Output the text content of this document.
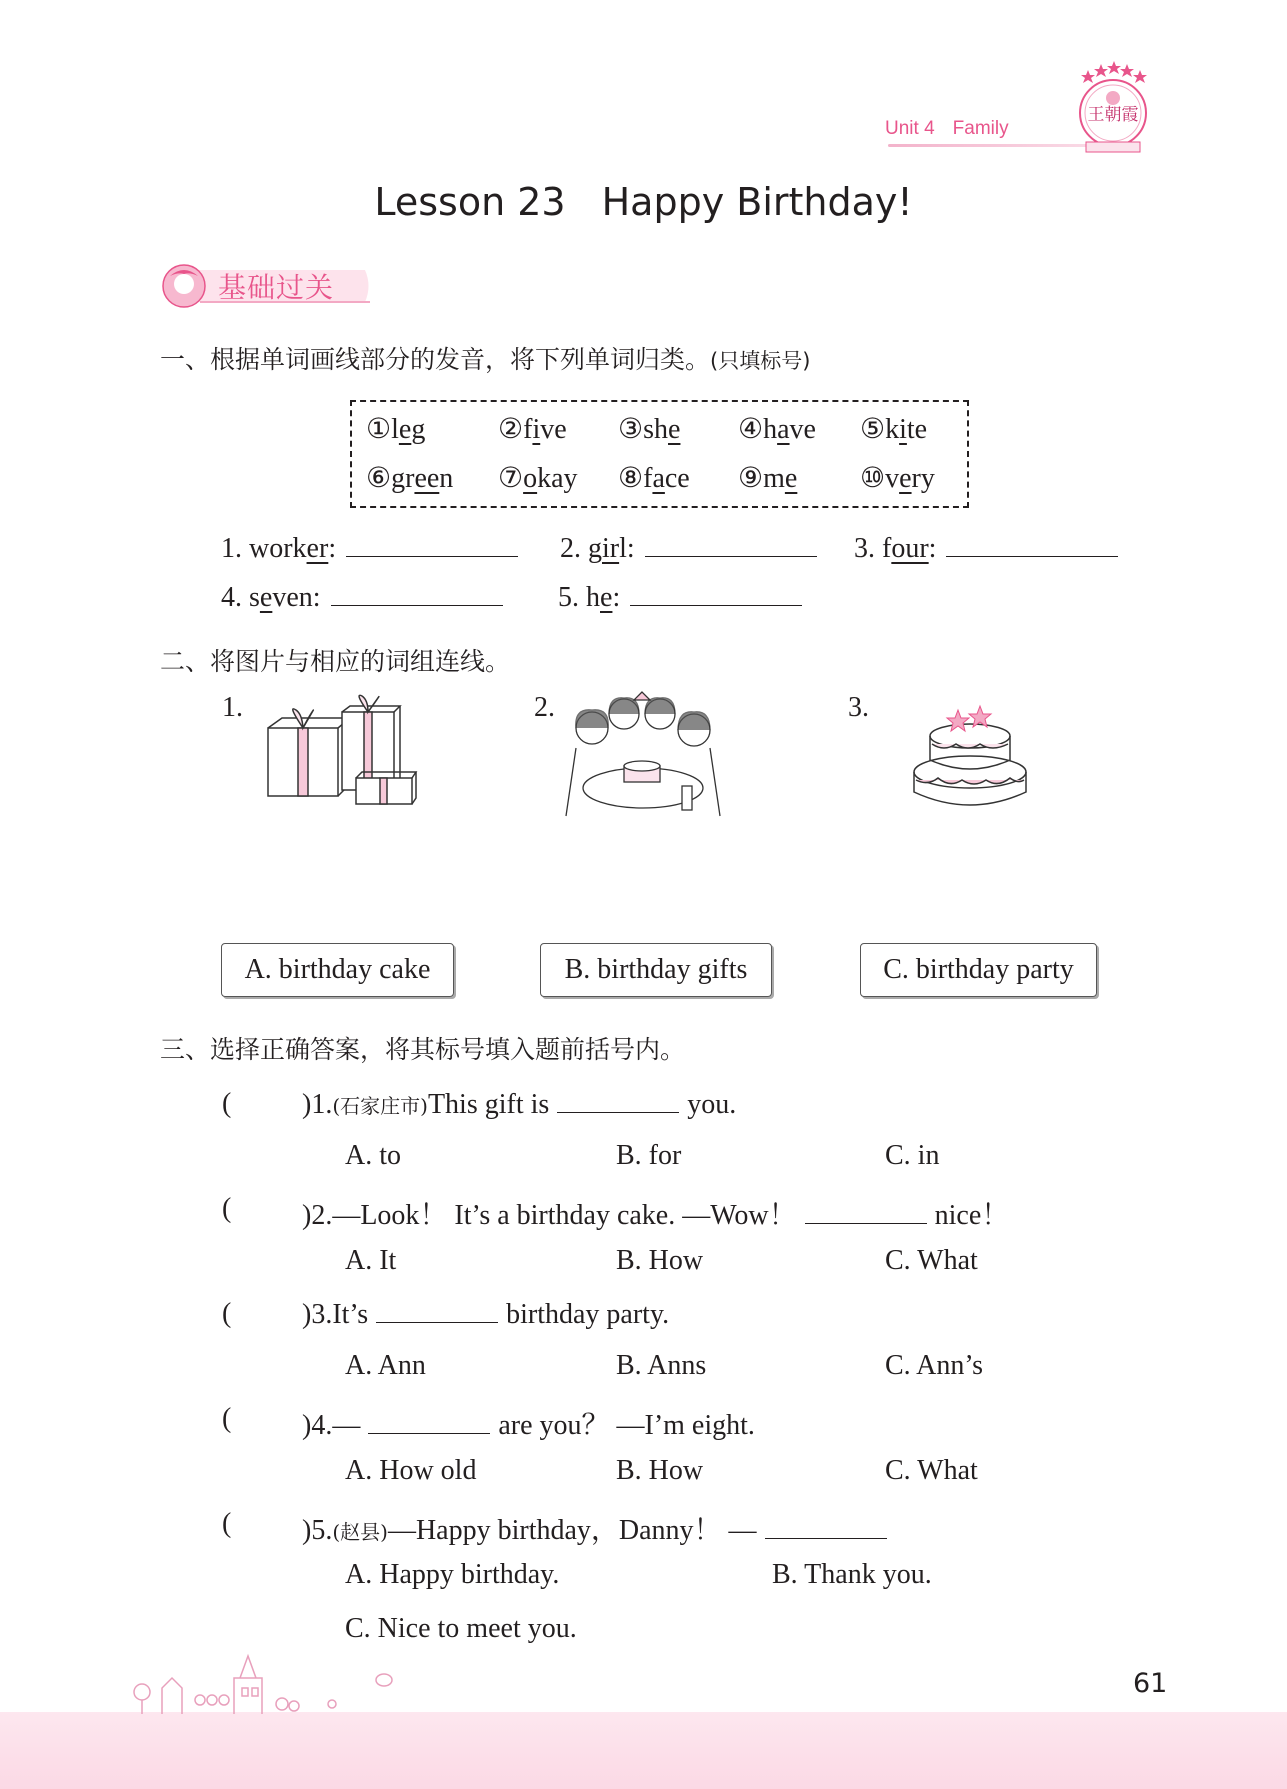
Unit 4 Family
王朝霞
Lesson 23 Happy Birthday!
基础过关
一、根据单词画线部分的发音，将下列单词归类。(只填标号)
①leg	②five ③she ④have ⑤kite
⑥green ⑦okay ⑧face ⑨me ⑩very
1. worker:	2. girl:	3. four:
4. seven:	5. he:
二、将图片与相应的词组连线。
1.	2.	3.
A. birthday cake	B. birthday gifts	C. birthday party
三、选择正确答案，将其标号填入题前括号内。
(	)1.(石家庄市)This gift is	you.
A. to	B. for	C. in
(	)2.—Look！ It’s a birthday cake. —Wow！	nice！
A. It	B. How	C. What
(	)3.It’s	birthday party.
A. Ann	B. Anns	C. Ann’s
(	)4.—	are you？ —I’m eight.
A. How old	B. How	C. What
(	)5.(赵县)—Happy birthday，Danny！ —
A. Happy birthday.	B. Thank you.
C. Nice to meet you.
61
